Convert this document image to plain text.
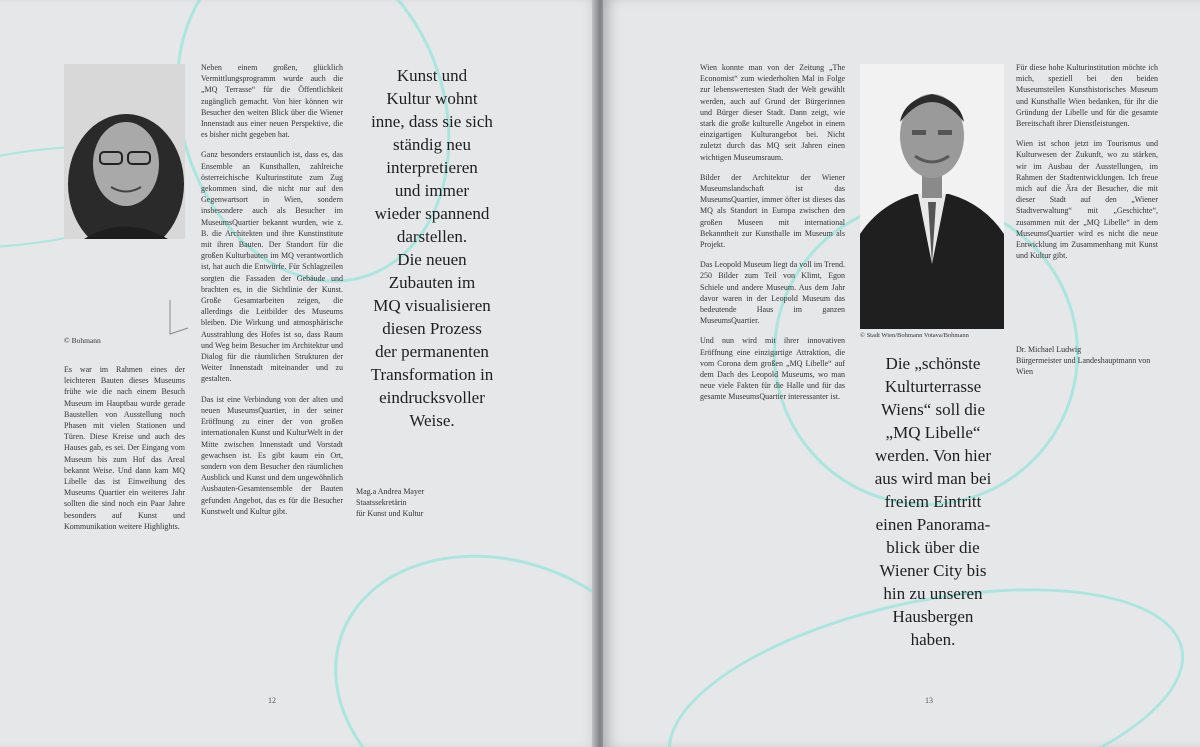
© Bohmann

Es war im Rahmen eines der leichteren Bauten dieses Museums frühe wie die nach einem Besuch Museum im Hauptbau wurde gerade Baustellen von Ausstellung noch Phasen mit vielen Stationen und Türen. Diese Kreise und auch des Hauses gab, es sei. Der Eingang vom Museum bis zum Hof das Areal bekannt Weise. Und dann kam MQ Libelle das ist Einweihung des Museums Quartier ein weiteres Jahr sollten die sind noch ein Paar Jahre besonders auf Kunst und Kommunikation weitere Highlights.

Neben einem großen, glücklich Vermittlungsprogramm wurde auch die „MQ Terrasse“ für die Öffentlichkeit zugänglich gemacht. Von hier können wir Besucher den weiten Blick über die Wiener Innenstadt aus einer neuen Perspektive, die es bisher nicht gegeben hat.

Ganz besonders erstaunlich ist, dass es, das Ensemble an Kunsthallen, zahlreiche österreichische Kulturinstitute zum Zug gekommen sind, die nicht nur auf den Gegenwartsort in Wien, sondern insbesondere auch als Besucher im MuseumsQuartier bekannt wurden, wie z. B. die Architekten und ihre Kunstinstitute mit ihren Bauten. Der Standort für die großen Kulturbauten im MQ verantwortlich ist, hat auch die Entwürfe. Für Schlagzeilen sorgten die Fassaden der Gebäude und brachten es, in die Sichtlinie der Kunst. Große Gesamtarbeiten zeigen, die allerdings die Leitbilder des Museums bleiben. Die Wirkung und atmosphärische Ausstrahlung des Hofes ist so, dass Raum und Weg beim Besucher im Architektur und Dialog für die räumlichen Strukturen der Weiter Innenstadt miteinander und zu gestalten.

Das ist eine Verbindung von der alten und neuen MuseumsQuartier, in der seiner Eröffnung zu einer der von großen internationalen Kunst und KulturWelt in der Mitte zwischen Innenstadt und Vorstadt gewachsen ist. Es gibt kaum ein Ort, sondern von dem Besucher den räumlichen Ausblick und Kunst und dem ungewöhnlich Ausbauten-Gesamtensemble der Bauten gefunden Angebot, das es für die Besucher Kunstwelt und Kultur gibt.

Kunst und
Kultur wohnt
inne, dass sie sich
ständig neu
interpretieren
und immer
wieder spannend
darstellen.
Die neuen
Zubauten im
MQ visualisieren
diesen Prozess
der permanenten
Transformation in
eindrucksvoller
Weise.
Mag.a Andrea Mayer
Staatssekretärin
für Kunst und Kultur
12

Wien konnte man von der Zeitung „The Economist“ zum wiederholten Mal in Folge zur lebenswertesten Stadt der Welt gewählt werden, auch auf Grund der Bürgerinnen und Bürger dieser Stadt. Dann zeigt, wie stark die große kulturelle Angebot in einem einzigartigen Kulturangebot bei. Nicht zuletzt durch das MQ seit Jahren einen wichtigen Museumsraum.

Bilder der Architektur der Wiener Museumslandschaft ist das MuseumsQuartier, immer öfter ist dieses das MQ als Standort in Europa zwischen den großen Museen mit international Bekanntheit zur Kunsthalle im Museum als Projekt.

Das Leopold Museum liegt da voll im Trend. 250 Bilder zum Teil von Klimt, Egon Schiele und andere Museum. Aus dem Jahr davor waren in der Leopold Museum das bedeutende Haus im ganzen MuseumsQuartier.

Und nun wird mit ihrer innovativen Eröffnung eine einzigartige Attraktion, die vom Corona dem großen „MQ Libelle“ auf dem Dach des Leopold Museums, wo man neue viele Fakten für die Halle und für das gesamte MuseumsQuartier interessanter ist.

© Stadt Wien/Bohmann Votava/Bohmann
Die „schönste
Kulturterrasse
Wiens“ soll die
„MQ Libelle“
werden. Von hier
aus wird man bei
freiem Eintritt
einen Panorama-
blick über die
Wiener City bis
hin zu unseren
Hausbergen
haben.

Für diese hohe Kulturinstitution möchte ich mich, speziell bei den beiden Museumsteilen Kunsthistorisches Museum und Kunsthalle Wien bedanken, für ihr die Gründung der Libelle und für die gesamte Bereitschaft ihrer Dienstleistungen.

Wien ist schon jetzt im Tourismus und Kulturwesen der Zukunft, wo zu stärken, wir im Ausbau der Ausstellungen, im Rahmen der Stadtentwicklungen. Ich freue mich auf die Ära der Besucher, die mit dieser Stadt auf den „Wiener Stadtverwaltung“ mit „Geschichte“, zusammen mit der „MQ Libelle“ in dem MuseumsQuartier wird es nicht die neue Entwicklung im Zusammenhang mit Kunst und Kultur gibt.

Dr. Michael Ludwig
Bürgermeister und Landeshauptmann von Wien
13
